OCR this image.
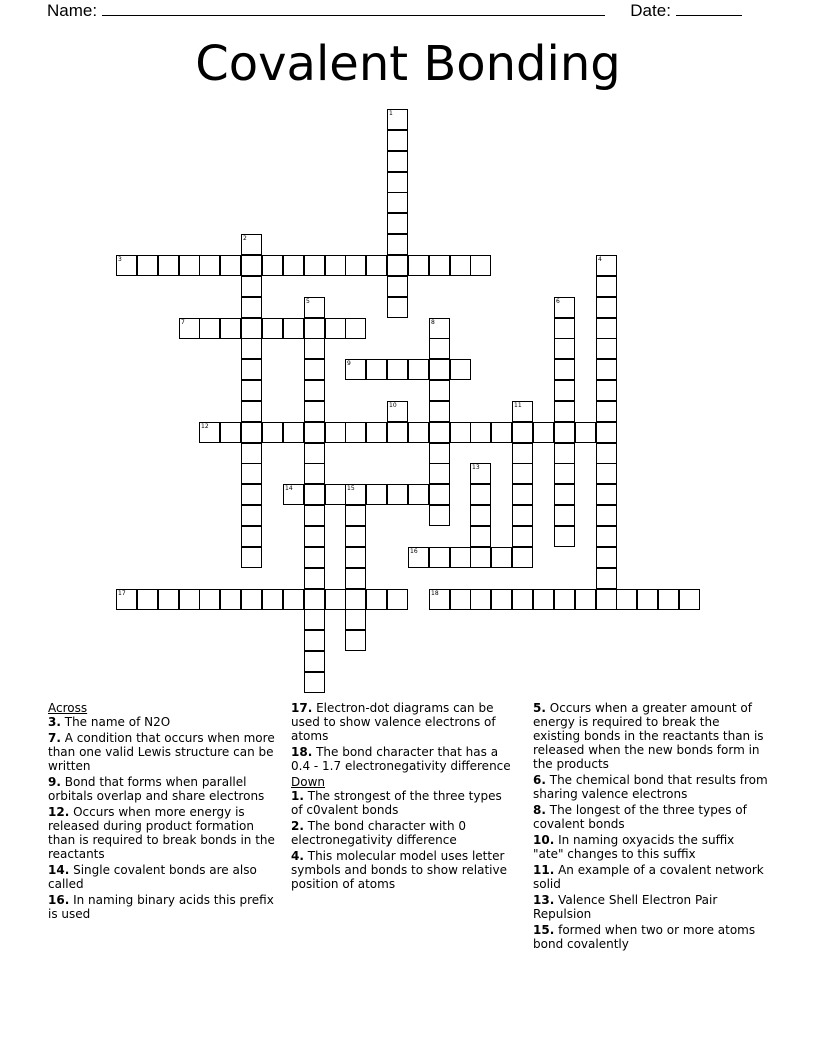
Name:	Date:
Covalent Bonding
1
2
3	4
5	6
7	8
9
10	11
12
13
14	15
16
17	18
Across
3. The name of N2O
7. A condition that occurs when more than one valid Lewis structure can be written
9. Bond that forms when parallel orbitals overlap and share electrons
12. Occurs when more energy is released during product formation than is required to break bonds in the reactants
14. Single covalent bonds are also called
16. In naming binary acids this prefix is used
17. Electron-dot diagrams can be used to show valence electrons of atoms
18. The bond character that has a 0.4 - 1.7 electronegativity difference
Down
1. The strongest of the three types of c0valent bonds
2. The bond character with 0 electronegativity difference
4. This molecular model uses letter symbols and bonds to show relative position of atoms
5. Occurs when a greater amount of energy is required to break the existing bonds in the reactants than is released when the new bonds form in the products
6. The chemical bond that results from sharing valence electrons
8. The longest of the three types of covalent bonds
10. In naming oxyacids the suffix "ate" changes to this suffix
11. An example of a covalent network solid
13. Valence Shell Electron Pair Repulsion
15. formed when two or more atoms bond covalently
